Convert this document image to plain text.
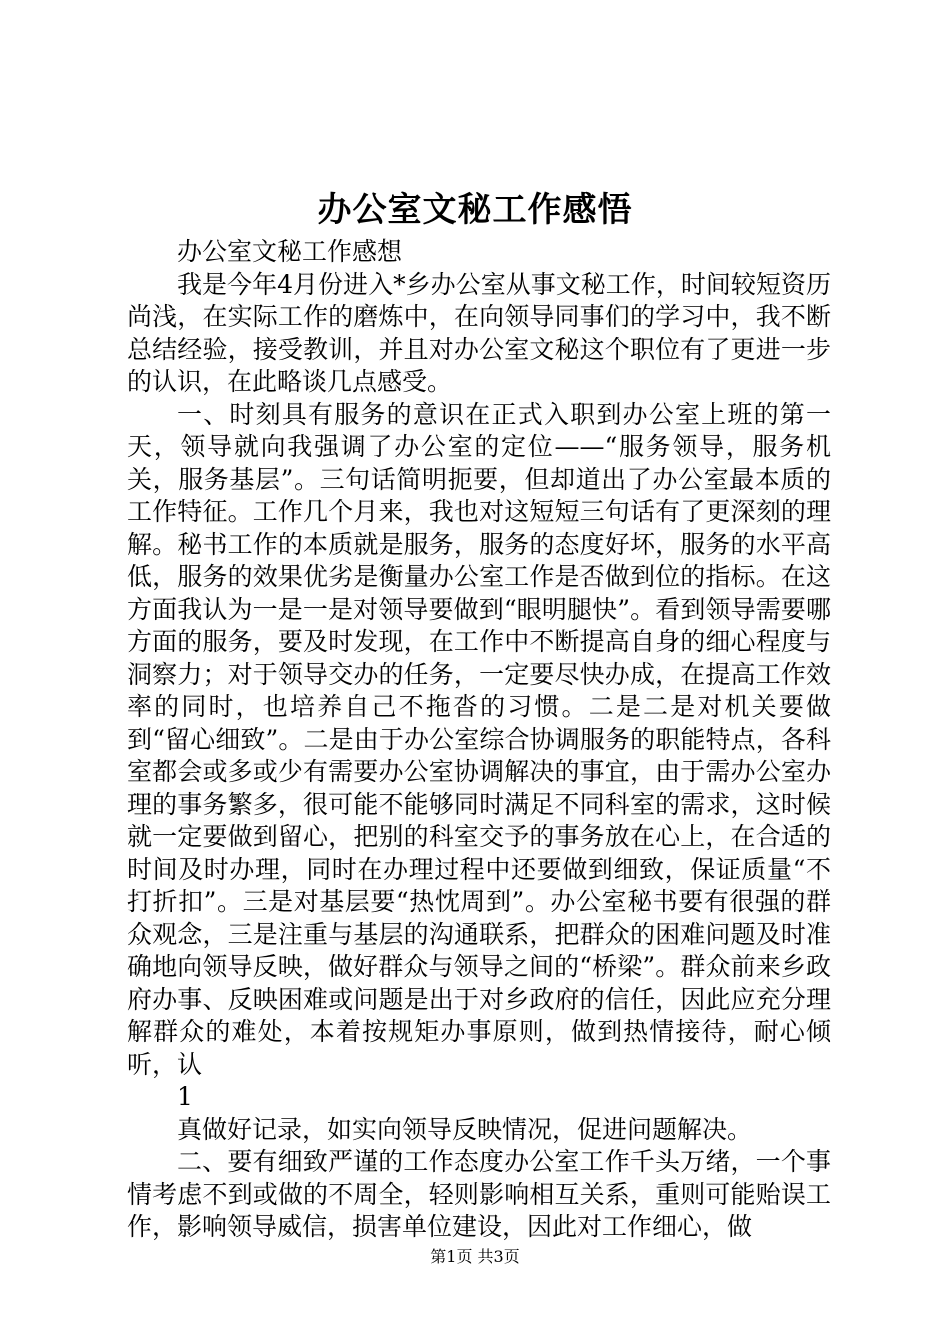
办公室文秘工作感悟

办公室文秘工作感想

我是今年4月份进入*乡办公室从事文秘工作，时间较短资历尚浅，在实际工作的磨炼中，在向领导同事们的学习中，我不断总结经验，接受教训，并且对办公室文秘这个职位有了更进一步的认识，在此略谈几点感受。

一、时刻具有服务的意识在正式入职到办公室上班的第一天，领导就向我强调了办公室的定位——“服务领导，服务机关，服务基层”。三句话简明扼要，但却道出了办公室最本质的工作特征。工作几个月来，我也对这短短三句话有了更深刻的理解。秘书工作的本质就是服务，服务的态度好坏，服务的水平高低，服务的效果优劣是衡量办公室工作是否做到位的指标。在这方面我认为一是一是对领导要做到“眼明腿快”。看到领导需要哪方面的服务，要及时发现，在工作中不断提高自身的细心程度与洞察力；对于领导交办的任务，一定要尽快办成，在提高工作效率的同时，也培养自己不拖沓的习惯。二是二是对机关要做到“留心细致”。二是由于办公室综合协调服务的职能特点，各科室都会或多或少有需要办公室协调解决的事宜，由于需办公室办理的事务繁多，很可能不能够同时满足不同科室的需求，这时候就一定要做到留心，把别的科室交予的事务放在心上，在合适的时间及时办理，同时在办理过程中还要做到细致，保证质量“不打折扣”。三是对基层要“热忱周到”。办公室秘书要有很强的群众观念，三是注重与基层的沟通联系，把群众的困难问题及时准确地向领导反映，做好群众与领导之间的“桥梁”。群众前来乡政府办事、反映困难或问题是出于对乡政府的信任，因此应充分理解群众的难处，本着按规矩办事原则，做到热情接待，耐心倾听，认

1

真做好记录，如实向领导反映情况，促进问题解决。

二、要有细致严谨的工作态度办公室工作千头万绪，一个事情考虑不到或做的不周全，轻则影响相互关系，重则可能贻误工作，影响领导威信，损害单位建设，因此对工作细心，做

第1页 共3页
